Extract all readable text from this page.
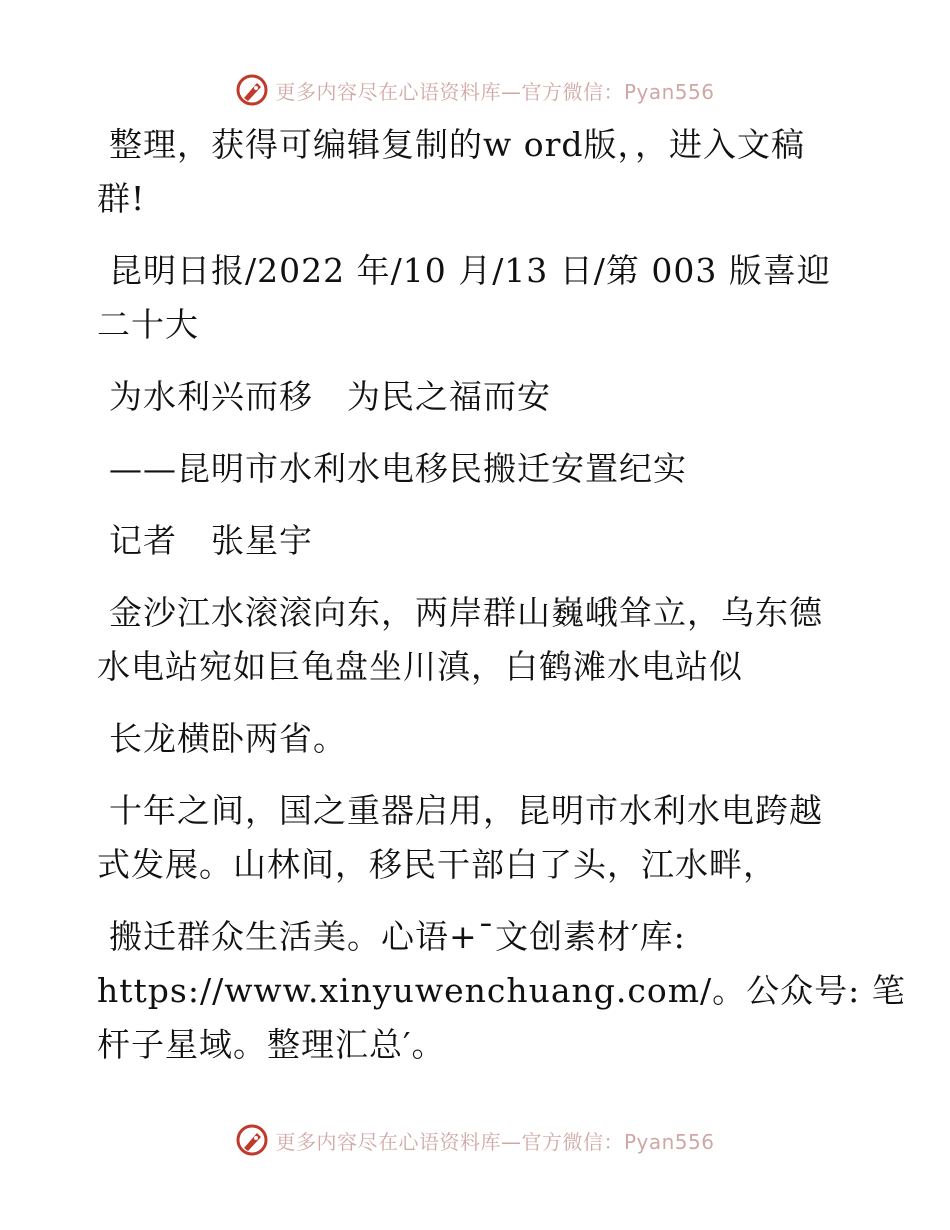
更多内容尽在心语资料库—官方微信：Pyan556
整理，获得可编辑复制的w ord版，，进入文稿
群!
昆明日报/2022 年/10 月/13 日/第 003 版喜迎
二十大
为水利兴而移　为民之福而安
——昆明市水利水电移民搬迁安置纪实
记者　张星宇
金沙江水滚滚向东，两岸群山巍峨耸立，乌东德
水电站宛如巨龟盘坐川滇，白鹤滩水电站似
长龙横卧两省。
十年之间，国之重器启用，昆明市水利水电跨越
式发展。山林间，移民干部白了头，江水畔，
搬迁群众生活美。心语+¯文创素材′库:
https://www.xinyuwenchuang.com/。公众号: 笔
杆子星域。整理汇总′。
更多内容尽在心语资料库—官方微信：Pyan556
